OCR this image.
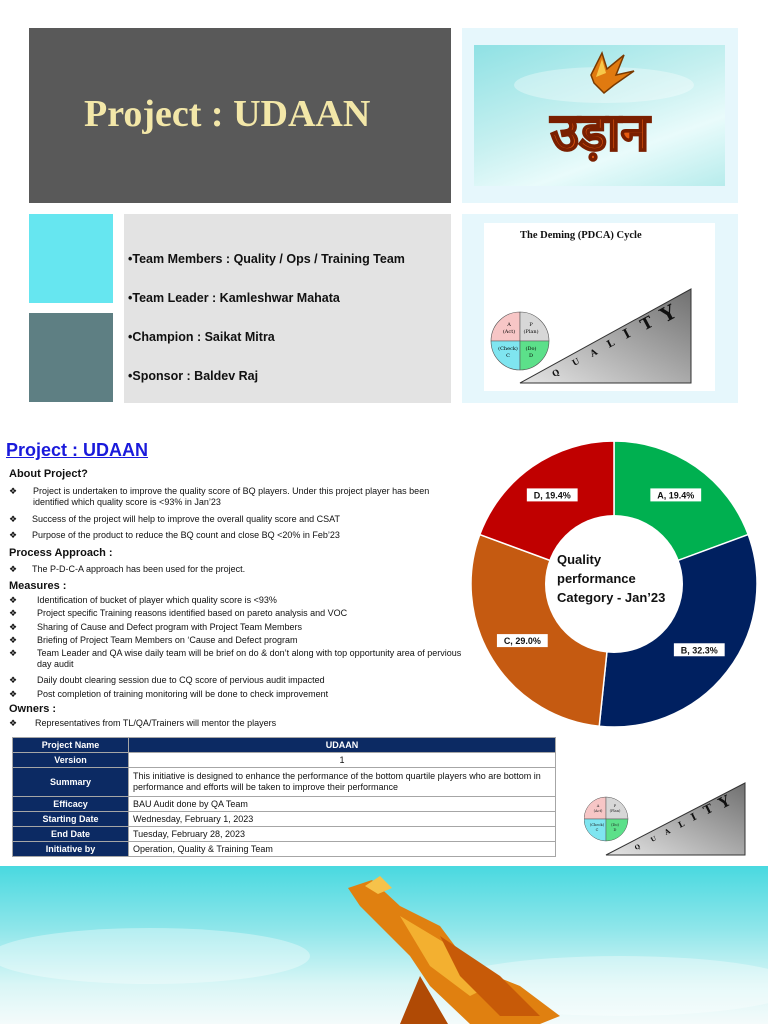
Project : UDAAN	उड़ान
•Team Members : Quality / Ops / Training Team
•Team Leader : Kamleshwar Mahata
•Champion : Saikat Mitra
•Sponsor : Baldev Raj
A
(Act)
P
(Plan)
(Check)
C
(Do)
D
Q
U
A
L
I T Y
The Deming (PDCA) Cycle
Project : UDAAN
About Project?
❖	Project is undertaken to improve the quality score of BQ players. Under this project player has been identified which quality score is <93% in Jan’23
❖	Success of the project will help to improve the overall quality score and CSAT
❖	Purpose of the product to reduce the BQ count and close BQ <20% in Feb’23
Process Approach :
❖	The P-D-C-A approach has been used for the project.
Measures :
❖	Identification of bucket of player which quality score is <93%
❖	Project specific Training reasons identified based on pareto analysis and VOC
❖	Sharing of Cause and Defect program with Project Team Members
❖	Briefing of Project Team Members on ‘Cause and Defect program
❖	Team Leader and QA wise daily team will be brief on do & don’t along with top opportunity area of pervious day audit
❖	Daily doubt clearing session due to CQ score of pervious audit impacted
❖	Post completion of training monitoring will be done to check improvement
Owners :
❖	Representatives from TL/QA/Trainers will mentor the players
Quality
performance
Category - Jan’23
A, 19.4%
B, 32.3%
C, 29.0%
D, 19.4%
Project Name	UDAAN
Version	1
Summary	This initiative is designed to enhance the performance of the bottom quartile players who are bottom in performance and efforts will be taken to improve their performance
Efficacy	BAU Audit done by QA Team
Starting Date	Wednesday, February 1, 2023
End Date	Tuesday, February 28, 2023
Initiative by	Operation, Quality & Training Team
A
(Act)
P
(Plan)
(Check)
C
(Do)
D
Q
U
A
L
I
T Y
